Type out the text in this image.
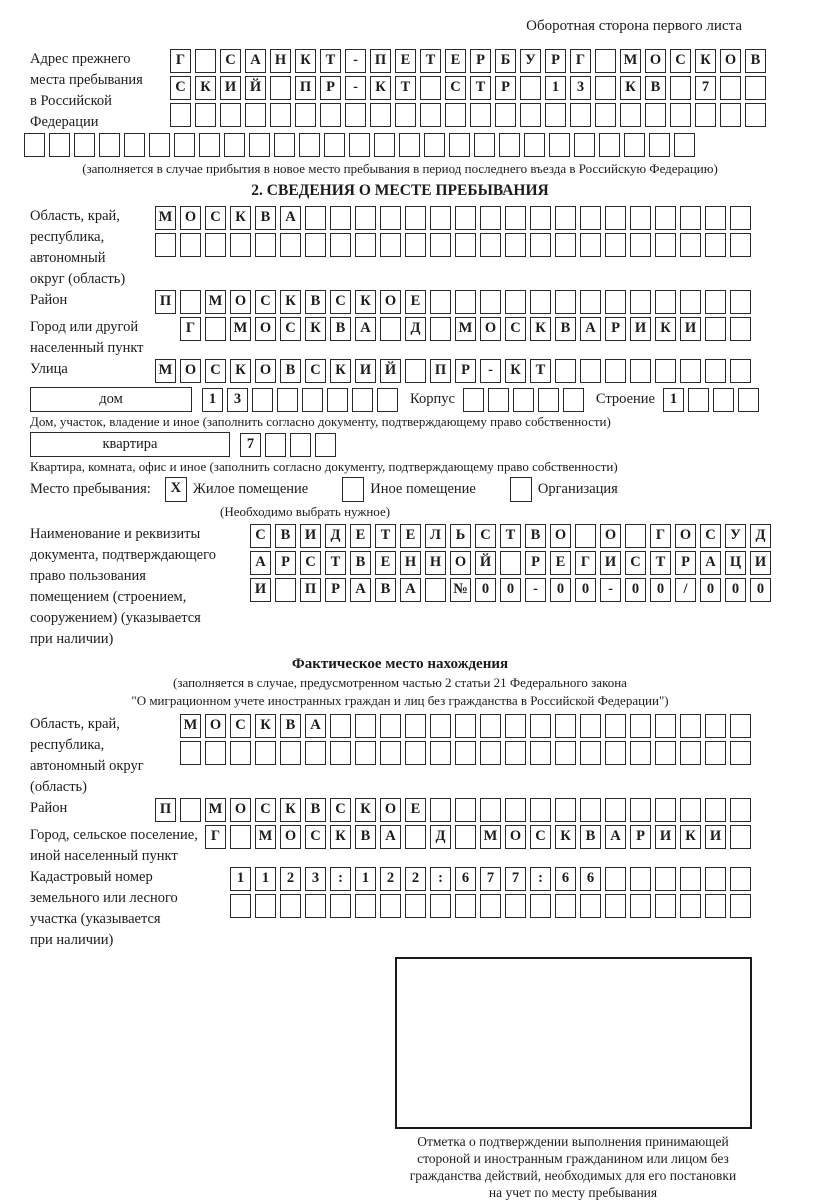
Оборотная сторона первого листа
Адрес прежнего
места пребывания
в Российской
Федерации
Г	С	А Н К	Т	-	П	Е	Т	Е	Р	Б	У	Р	Г	М О С	К О	В
С	К И Й	П	Р	-	К	Т	С	Т	Р	1	3	К	В	7
(заполняется в случае прибытия в новое место пребывания в период последнего въезда в Российскую Федерацию)
2. СВЕДЕНИЯ О МЕСТЕ ПРЕБЫВАНИЯ
Область, край,
республика,
автономный
округ (область)
М О С	К	В	А
Район	П	М О С	К	В	С	К О	Е
Город или другой
населенный пункт
Г	М О С	К	В	А	Д	М О С	К	В	А	Р	И К И
Улица	М О С	К О	В	С	К И Й	П	Р	-	К	Т
дом	1	3	Корпус	Строение	1
Дом, участок, владение и иное (заполнить согласно документу, подтверждающему право собственности)
квартира	7
Квартира, комната, офис и иное (заполнить согласно документу, подтверждающему право собственности)
Место пребывания:	X Жилое помещение	Иное помещение	Организация
(Необходимо выбрать нужное)
Наименование и реквизиты
документа, подтверждающего
право пользования
помещением (строением,
сооружением) (указывается
при наличии)
С	В	И Д	Е	Т	Е	Л	Ь	С	Т	В	О	О	Г	О С У	Д
А	Р	С	Т	В	Е	Н Н О Й	Р	Е	Г	И С	Т	Р	А Ц И
И	П	Р	А	В	А	№ 0	0	-	0	0	-	0	0	/	0	0	0
Фактическое место нахождения
(заполняется в случае, предусмотренном частью 2 статьи 21 Федерального закона
"О миграционном учете иностранных граждан и лиц без гражданства в Российской Федерации")
Область, край,
республика,
автономный округ
(область)
М О С	К	В	А
Район	П	М О С	К	В	С	К О	Е
Город, сельское поселение,
иной населенный пункт
Г	М О С	К	В	А	Д	М О С	К	В	А	Р	И К И
Кадастровый номер
земельного или лесного
участка (указывается
при наличии)
1	1	2	3	:	1	2	2	:	6	7	7	:	6	6
Отметка о подтверждении выполнения принимающей
стороной и иностранным гражданином или лицом без
гражданства действий, необходимых для его постановки
на учет по месту пребывания
